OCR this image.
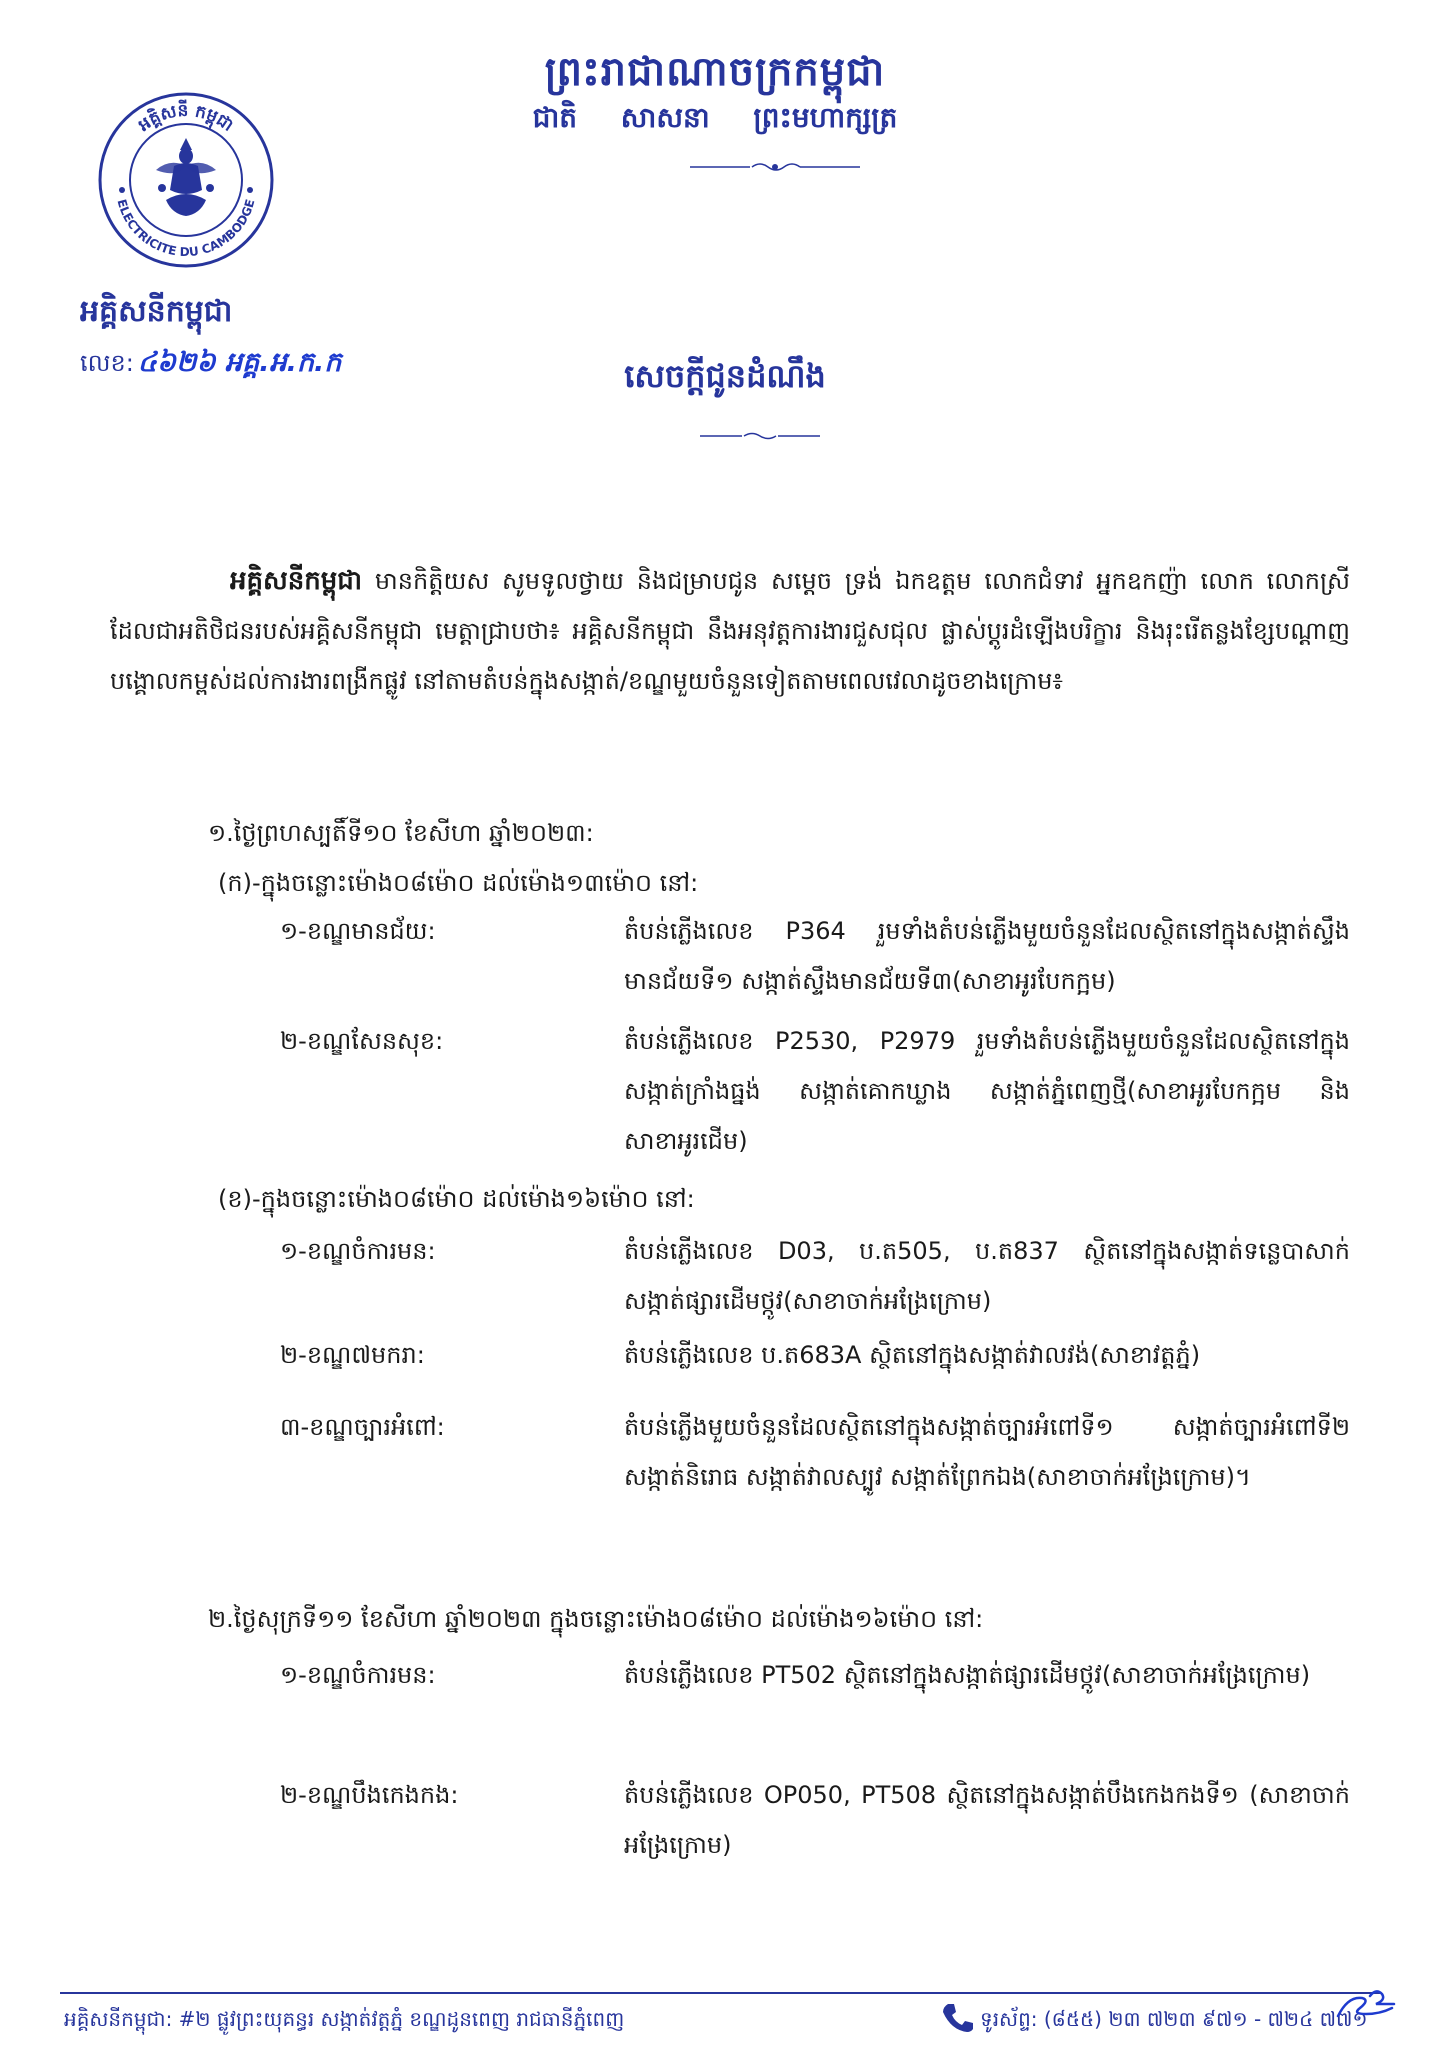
ព្រះរាជាណាចក្រកម្ពុជា
ជាតិ សាសនា ព្រះមហាក្សត្រ
អគ្គិសនី កម្ពុជា
ELECTRICITE DU CAMBODGE
អគ្គិសនីកម្ពុជា
លេខ: ៤៦២៦ អគ្គ.អ.ក.ក	សេចក្ដីជូនដំណឹង
អគ្គិសនីកម្ពុជា មានកិត្តិយស សូមទូលថ្វាយ និងជម្រាបជូន សម្ដេច ទ្រង់ ឯកឧត្តម លោកជំទាវ អ្នកឧកញ៉ា លោក លោកស្រី ដែលជាអតិថិជនរបស់អគ្គិសនីកម្ពុជា មេត្តាជ្រាបថា៖ អគ្គិសនីកម្ពុជា នឹងអនុវត្តការងារជួសជុល ផ្លាស់ប្ដូរដំឡើងបរិក្ខារ និងរុះរើតន្លងខ្សែបណ្ដាញបង្គោលកម្ពស់ដល់ការងារពង្រីកផ្លូវ នៅតាមតំបន់ក្នុងសង្កាត់/ខណ្ឌមួយចំនួនទៀតតាមពេលវេលាដូចខាងក្រោម៖
១.ថ្ងៃព្រហស្បតិ៍ទី១០ ខែសីហា ឆ្នាំ២០២៣:
(ក)-ក្នុងចន្លោះម៉ោង០៨ម៉ោ០ ដល់ម៉ោង១៣ម៉ោ០ នៅ:
១-ខណ្ឌមានជ័យ:	តំបន់ភ្លើងលេខ P364 រួមទាំងតំបន់ភ្លើងមួយចំនួនដែលស្ថិតនៅក្នុងសង្កាត់ស្ទឹងមានជ័យទី១ សង្កាត់ស្ទឹងមានជ័យទី៣(សាខាអូរបែកក្អម)
២-ខណ្ឌសែនសុខ:	តំបន់ភ្លើងលេខ P2530, P2979 រួមទាំងតំបន់ភ្លើងមួយចំនួនដែលស្ថិតនៅក្នុងសង្កាត់ក្រាំងធ្នង់ សង្កាត់គោកឃ្លាង សង្កាត់ភ្នំពេញថ្មី(សាខាអូរបែកក្អម និងសាខាអូរជើម)
(ខ)-ក្នុងចន្លោះម៉ោង០៨ម៉ោ០ ដល់ម៉ោង១៦ម៉ោ០ នៅ:
១-ខណ្ឌចំការមន:	តំបន់ភ្លើងលេខ D03, ប.ត505, ប.ត837 ស្ថិតនៅក្នុងសង្កាត់ទន្លេបាសាក់ សង្កាត់ផ្សារដើមថ្កូវ(សាខាចាក់អង្រែក្រោម)
២-ខណ្ឌ៧មករា:	តំបន់ភ្លើងលេខ ប.ត683A ស្ថិតនៅក្នុងសង្កាត់វាលវង់(សាខាវត្តភ្នំ)
៣-ខណ្ឌច្បារអំពៅ:	តំបន់ភ្លើងមួយចំនួនដែលស្ថិតនៅក្នុងសង្កាត់ច្បារអំពៅទី១ សង្កាត់ច្បារអំពៅទី២ សង្កាត់និរោធ សង្កាត់វាលស្បូវ សង្កាត់ព្រែកឯង(សាខាចាក់អង្រែក្រោម)។
២.ថ្ងៃសុក្រទី១១ ខែសីហា ឆ្នាំ២០២៣ ក្នុងចន្លោះម៉ោង០៨ម៉ោ០ ដល់ម៉ោង១៦ម៉ោ០ នៅ:
១-ខណ្ឌចំការមន:	តំបន់ភ្លើងលេខ PT502 ស្ថិតនៅក្នុងសង្កាត់ផ្សារដើមថ្កូវ(សាខាចាក់អង្រែក្រោម)
២-ខណ្ឌបឹងកេងកង:	តំបន់ភ្លើងលេខ OP050, PT508 ស្ថិតនៅក្នុងសង្កាត់បឹងកេងកងទី១ (សាខាចាក់អង្រែក្រោម)
អគ្គិសនីកម្ពុជា: #២ ផ្លូវព្រះយុគន្ធរ សង្កាត់វត្តភ្នំ ខណ្ឌដូនពេញ រាជធានីភ្នំពេញ	ទូរស័ព្ទ: (៨៥៥) ២៣ ៧២៣ ៩៧១ - ៧២៤ ៧៧១
